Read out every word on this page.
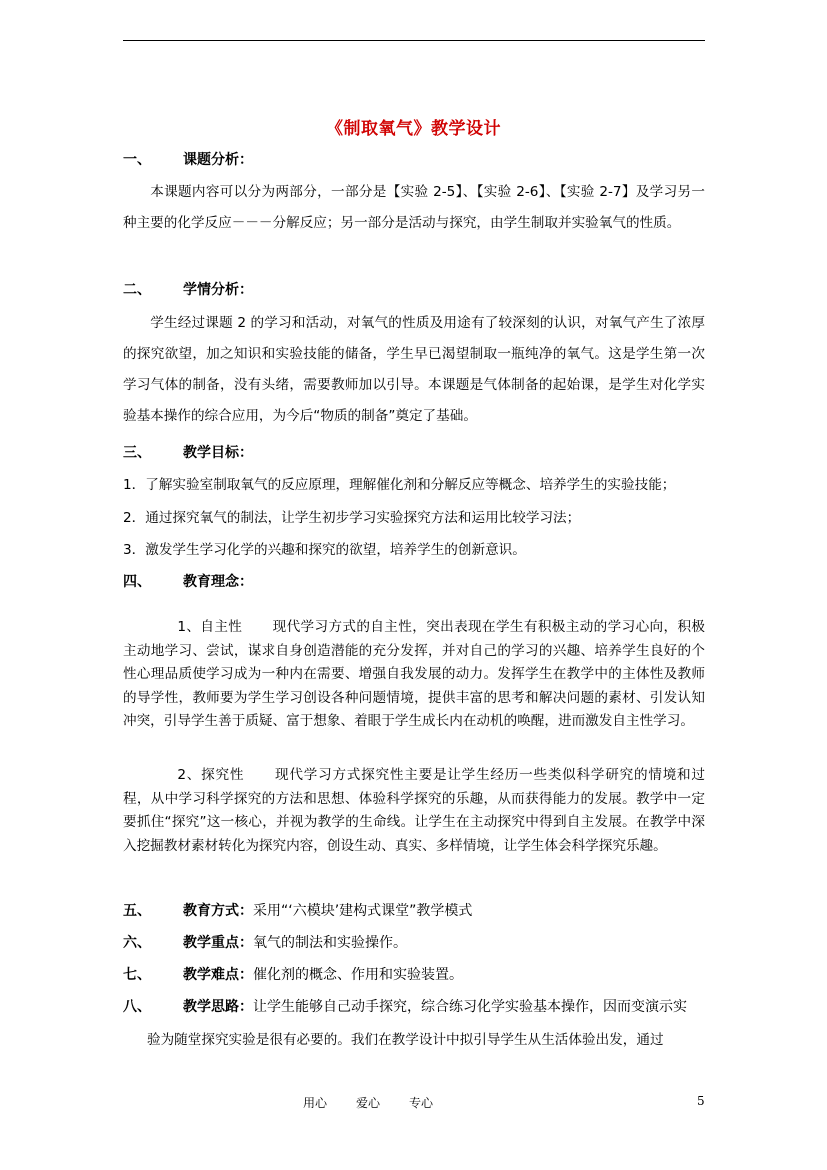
《制取氧气》教学设计
一、 课题分析：
本课题内容可以分为两部分，一部分是【实验 2-5】、【实验 2-6】、【实验 2-7】及学习另一种主要的化学反应－－－分解反应；另一部分是活动与探究，由学生制取并实验氧气的性质。
二、 学情分析：
学生经过课题 2 的学习和活动，对氧气的性质及用途有了较深刻的认识，对氧气产生了浓厚的探究欲望，加之知识和实验技能的储备，学生早已渴望制取一瓶纯净的氧气。这是学生第一次学习气体的制备，没有头绪，需要教师加以引导。本课题是气体制备的起始课，是学生对化学实验基本操作的综合应用，为今后“物质的制备”奠定了基础。
三、 教学目标：
1．了解实验室制取氧气的反应原理，理解催化剂和分解反应等概念、培养学生的实验技能；
2．通过探究氧气的制法，让学生初步学习实验探究方法和运用比较学习法；
3．激发学生学习化学的兴趣和探究的欲望，培养学生的创新意识。
四、 教育理念：
1、自主性 现代学习方式的自主性，突出表现在学生有积极主动的学习心向，积极主动地学习、尝试，谋求自身创造潜能的充分发挥，并对自己的学习的兴趣、培养学生良好的个性心理品质使学习成为一种内在需要、增强自我发展的动力。发挥学生在教学中的主体性及教师的导学性，教师要为学生学习创设各种问题情境，提供丰富的思考和解决问题的素材、引发认知冲突，引导学生善于质疑、富于想象、着眼于学生成长内在动机的唤醒，进而激发自主性学习。
2、探究性 现代学习方式探究性主要是让学生经历一些类似科学研究的情境和过程，从中学习科学探究的方法和思想、体验科学探究的乐趣，从而获得能力的发展。教学中一定要抓住“探究”这一核心，并视为教学的生命线。让学生在主动探究中得到自主发展。在教学中深入挖掘教材素材转化为探究内容，创设生动、真实、多样情境，让学生体会科学探究乐趣。
五、 教育方式：采用“‘六模块’建构式课堂”教学模式
六、 教学重点：氧气的制法和实验操作。
七、 教学难点：催化剂的概念、作用和实验装置。
八、 教学思路：让学生能够自己动手探究，综合练习化学实验基本操作，因而变演示实
验为随堂探究实验是很有必要的。我们在教学设计中拟引导学生从生活体验出发，通过
用心 爱心 专心	5
